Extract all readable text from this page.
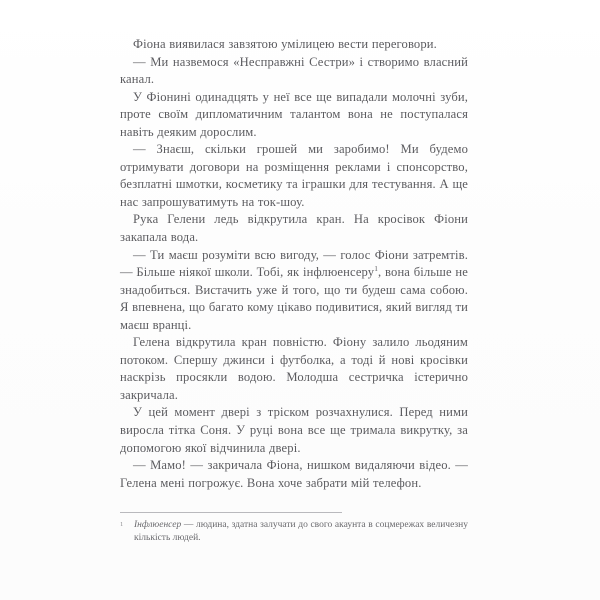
Фіона виявилася завзятою умілицею вести переговори.

— Ми назвемося «Несправжні Сестри» і створимо власний канал.

У Фіонині одинадцять у неї все ще випадали молочні зуби, проте своїм дипломатичним талантом вона не поступалася навіть деяким дорослим.

— Знаєш, скільки грошей ми заробимо! Ми будемо отримувати договори на розміщення реклами і спонсорство, безплатні шмотки, косметику та іграшки для тестування. А ще нас запрошуватимуть на ток-шоу.

Рука Гелени ледь відкрутила кран. На кросівок Фіони закапала вода.

— Ти маєш розуміти всю вигоду, — голос Фіони затремтів. — Більше ніякої школи. Тобі, як інфлюенсеру$^1$, вона більше не знадобиться. Вистачить уже й того, що ти будеш сама собою. Я впевнена, що багато кому цікаво подивитися, який вигляд ти маєш вранці.

Гелена відкрутила кран повністю. Фіону залило льодяним потоком. Спершу джинси і футболка, а тоді й нові кросівки наскрізь просякли водою. Молодша сестричка істерично закричала.

У цей момент двері з тріском розчахнулися. Перед ними виросла тітка Соня. У руці вона все ще тримала викрутку, за допомогою якої відчинила двері.

— Мамо! — закричала Фіона, нишком видаляючи відео. — Гелена мені погрожує. Вона хоче забрати мій телефон.

1 Інфлюенсер — людина, здатна залучати до свого акаунта в соцмережах величезну кількість людей.
